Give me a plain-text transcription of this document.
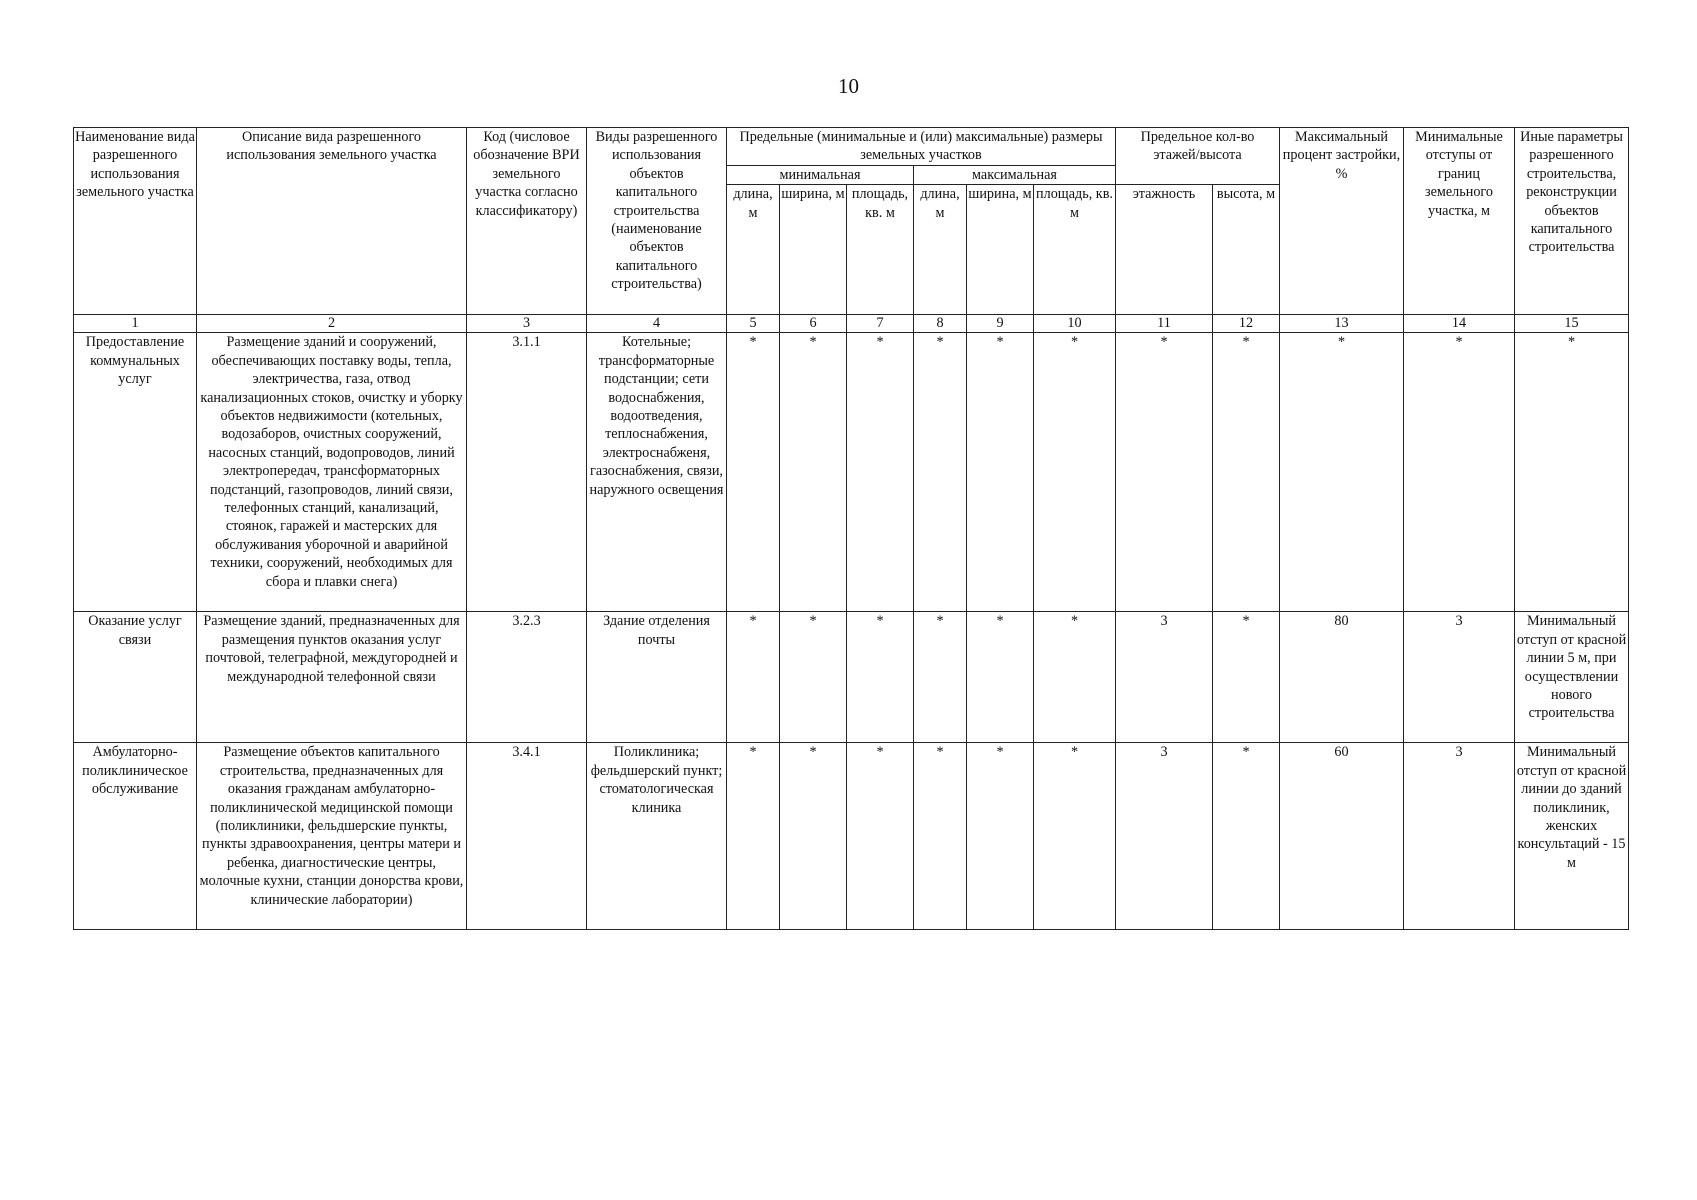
10
Наименование вида разрешенного использования земельного участка	Описание вида разрешенного использования земельного участка	Код (числовое обозначение ВРИ земельного участка согласно классификатору)	Виды разрешенного использования объектов капитального строительства (наименование объектов капитального строительства)	Предельные (минимальные и (или) максимальные) размеры земельных участков						Предельное кол-во этажей/высота		Максимальный процент застройки, %	Минимальные отступы от границ земельного участка, м	Иные параметры разрешенного строительства, реконструкции объектов капитального строительства
				минимальная			максимальная							
				длина, м	ширина, м	площадь, кв. м	длина, м	ширина, м	площадь, кв. м	этажность	высота, м			
1	2	3	4	5	6	7	8	9	10	11	12	13	14	15
Предоставление коммунальных услуг	Размещение зданий и сооружений, обеспечивающих поставку воды, тепла, электричества, газа, отвод канализационных стоков, очистку и уборку объектов недвижимости (котельных, водозаборов, очистных сооружений, насосных станций, водопроводов, линий электропередач, трансформаторных подстанций, газопроводов, линий связи, телефонных станций, канализаций, стоянок, гаражей и мастерских для обслуживания уборочной и аварийной техники, сооружений, необходимых для сбора и плавки снега)	3.1.1	Котельные; трансформаторные подстанции; сети водоснабжения, водоотведения, теплоснабжения, электроснабженя, газоснабжения, связи, наружного освещения	*	*	*	*	*	*	*	*	*	*	*
Оказание услуг связи	Размещение зданий, предназначенных для размещения пунктов оказания услуг почтовой, телеграфной, междугородней и международной телефонной связи	3.2.3	Здание отделения почты	*	*	*	*	*	*	3	*	80	3	Минимальный отступ от красной линии 5 м, при осуществлении нового строительства
Амбулаторно-поликлиническое обслуживание	Размещение объектов капитального строительства, предназначенных для оказания гражданам амбулаторно-поликлинической медицинской помощи (поликлиники, фельдшерские пункты, пункты здравоохранения, центры матери и ребенка, диагностические центры, молочные кухни, станции донорства крови, клинические лаборатории)	3.4.1	Поликлиника; фельдшерский пункт; стоматологическая клиника	*	*	*	*	*	*	3	*	60	3	Минимальный отступ от красной линии до зданий поликлиник, женских консультаций - 15 м
